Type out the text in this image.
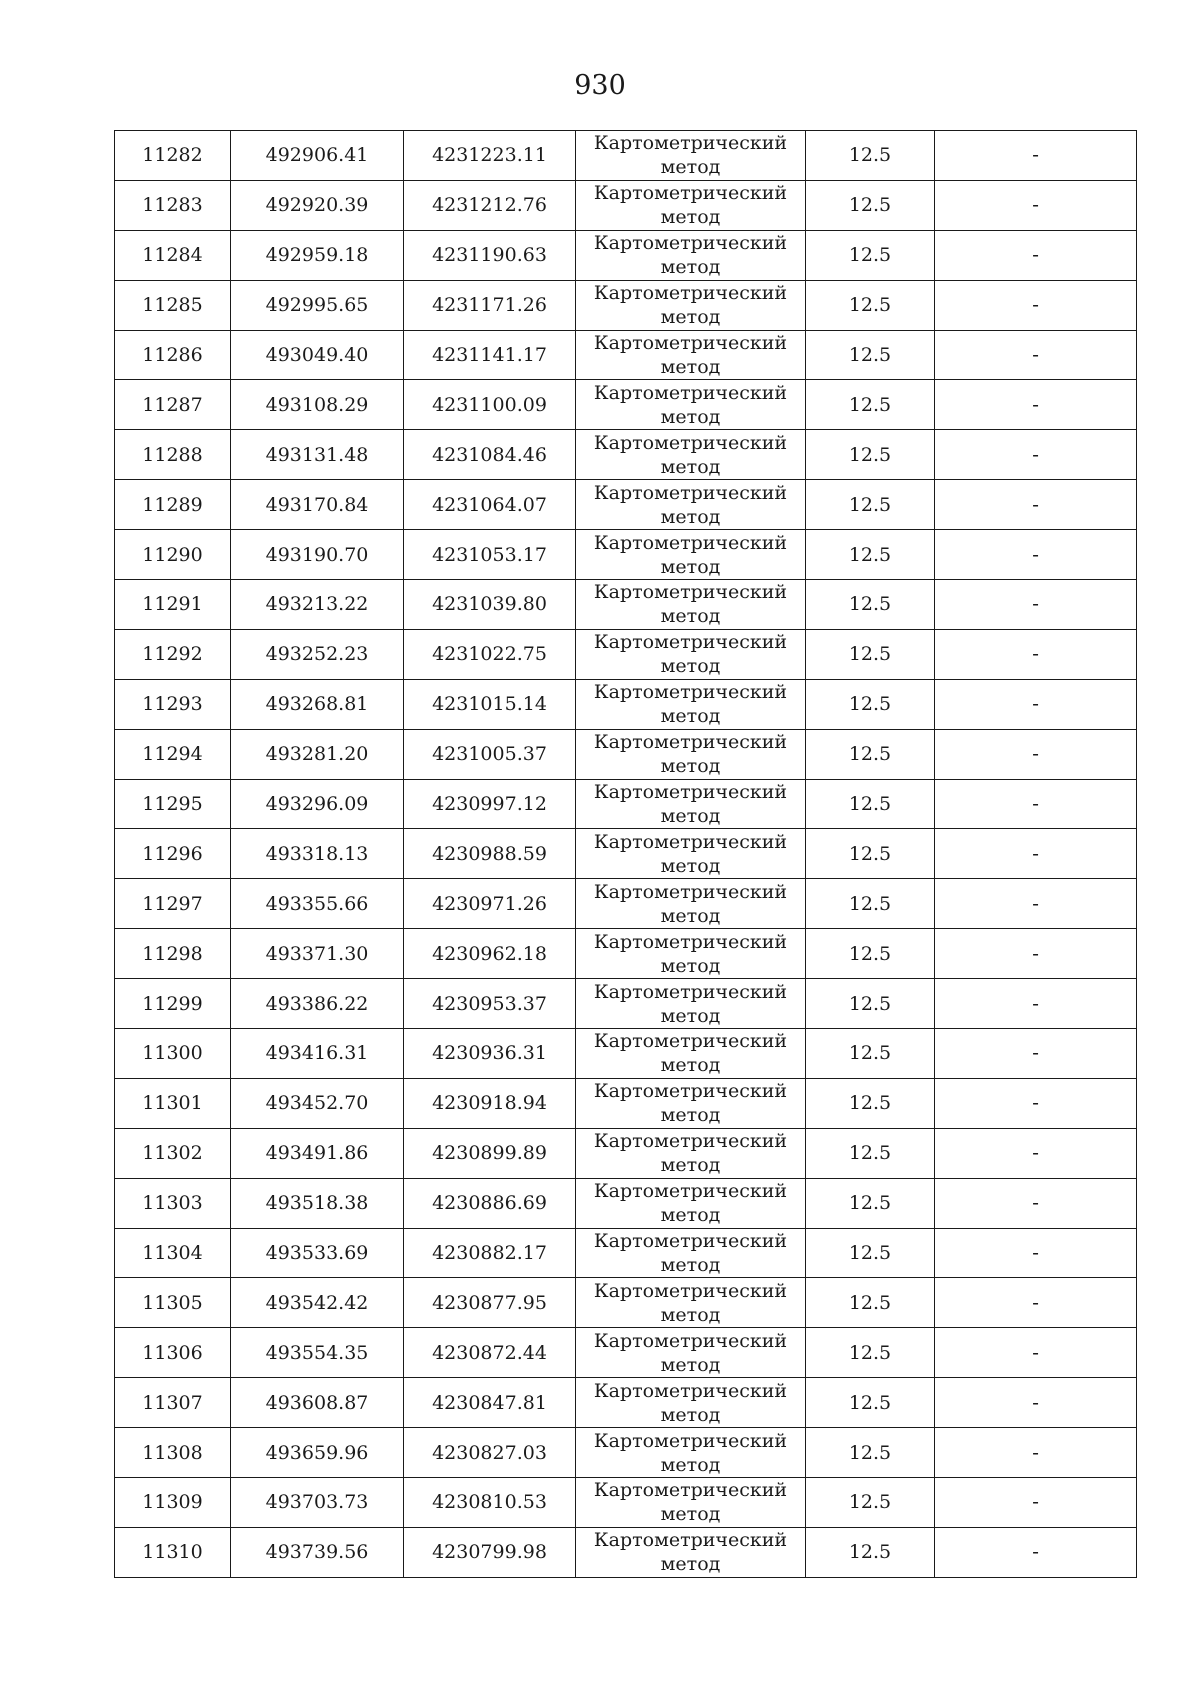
930
11282	492906.41	4231223.11	Картометрический
метод	12.5	-
11283	492920.39	4231212.76	Картометрический
метод	12.5	-
11284	492959.18	4231190.63	Картометрический
метод	12.5	-
11285	492995.65	4231171.26	Картометрический
метод	12.5	-
11286	493049.40	4231141.17	Картометрический
метод	12.5	-
11287	493108.29	4231100.09	Картометрический
метод	12.5	-
11288	493131.48	4231084.46	Картометрический
метод	12.5	-
11289	493170.84	4231064.07	Картометрический
метод	12.5	-
11290	493190.70	4231053.17	Картометрический
метод	12.5	-
11291	493213.22	4231039.80	Картометрический
метод	12.5	-
11292	493252.23	4231022.75	Картометрический
метод	12.5	-
11293	493268.81	4231015.14	Картометрический
метод	12.5	-
11294	493281.20	4231005.37	Картометрический
метод	12.5	-
11295	493296.09	4230997.12	Картометрический
метод	12.5	-
11296	493318.13	4230988.59	Картометрический
метод	12.5	-
11297	493355.66	4230971.26	Картометрический
метод	12.5	-
11298	493371.30	4230962.18	Картометрический
метод	12.5	-
11299	493386.22	4230953.37	Картометрический
метод	12.5	-
11300	493416.31	4230936.31	Картометрический
метод	12.5	-
11301	493452.70	4230918.94	Картометрический
метод	12.5	-
11302	493491.86	4230899.89	Картометрический
метод	12.5	-
11303	493518.38	4230886.69	Картометрический
метод	12.5	-
11304	493533.69	4230882.17	Картометрический
метод	12.5	-
11305	493542.42	4230877.95	Картометрический
метод	12.5	-
11306	493554.35	4230872.44	Картометрический
метод	12.5	-
11307	493608.87	4230847.81	Картометрический
метод	12.5	-
11308	493659.96	4230827.03	Картометрический
метод	12.5	-
11309	493703.73	4230810.53	Картометрический
метод	12.5	-
11310	493739.56	4230799.98	Картометрический
метод	12.5	-
